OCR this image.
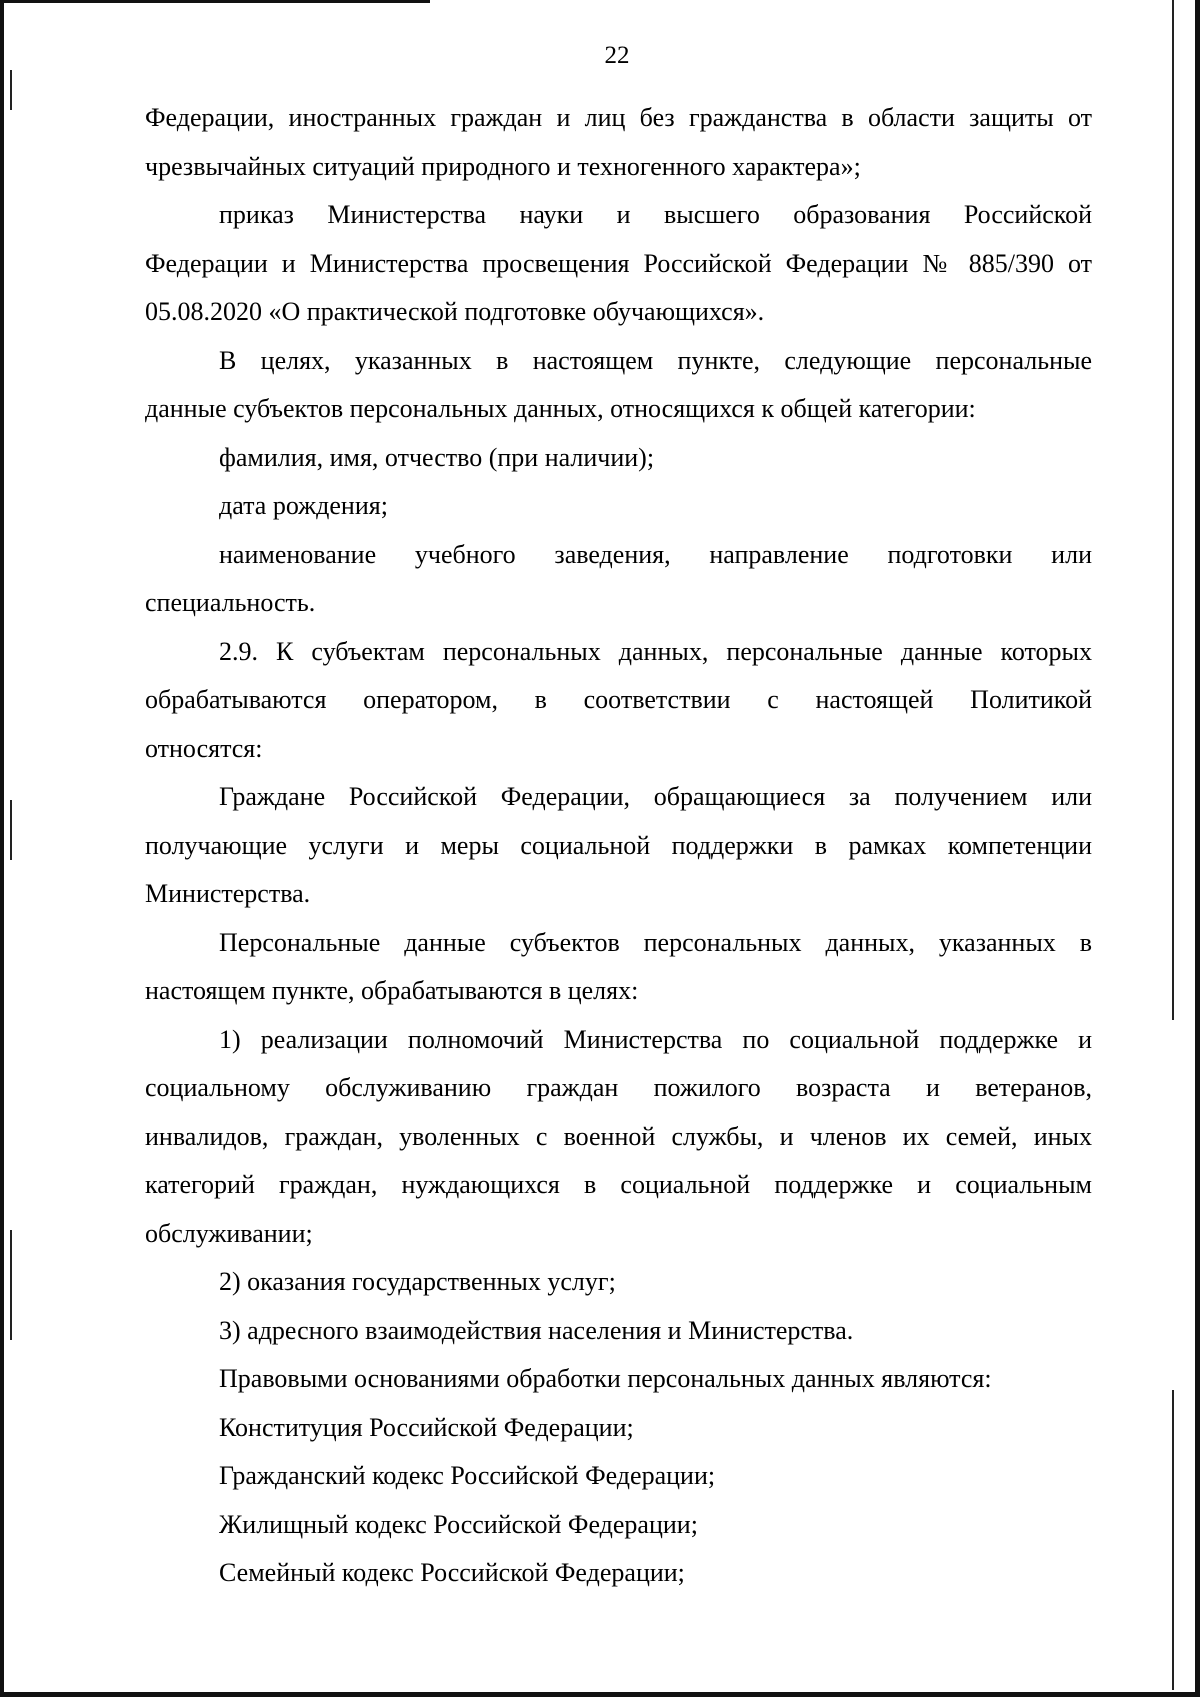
22
Федерации, иностранных граждан и лиц без гражданства в области защиты от
чрезвычайных ситуаций природного и техногенного характера»;
приказ Министерства науки и высшего образования Российской
Федерации и Министерства просвещения Российской Федерации № 885/390 от
05.08.2020 «О практической подготовке обучающихся».
В целях, указанных в настоящем пункте, следующие персональные
данные субъектов персональных данных, относящихся к общей категории:
фамилия, имя, отчество (при наличии);
дата рождения;
наименование учебного заведения, направление подготовки или
специальность.
2.9. К субъектам персональных данных, персональные данные которых
обрабатываются оператором, в соответствии с настоящей Политикой
относятся:
Граждане Российской Федерации, обращающиеся за получением или
получающие услуги и меры социальной поддержки в рамках компетенции
Министерства.
Персональные данные субъектов персональных данных, указанных в
настоящем пункте, обрабатываются в целях:
1) реализации полномочий Министерства по социальной поддержке и
социальному обслуживанию граждан пожилого возраста и ветеранов,
инвалидов, граждан, уволенных с военной службы, и членов их семей, иных
категорий граждан, нуждающихся в социальной поддержке и социальным
обслуживании;
2) оказания государственных услуг;
3) адресного взаимодействия населения и Министерства.
Правовыми основаниями обработки персональных данных являются:
Конституция Российской Федерации;
Гражданский кодекс Российской Федерации;
Жилищный кодекс Российской Федерации;
Семейный кодекс Российской Федерации;
